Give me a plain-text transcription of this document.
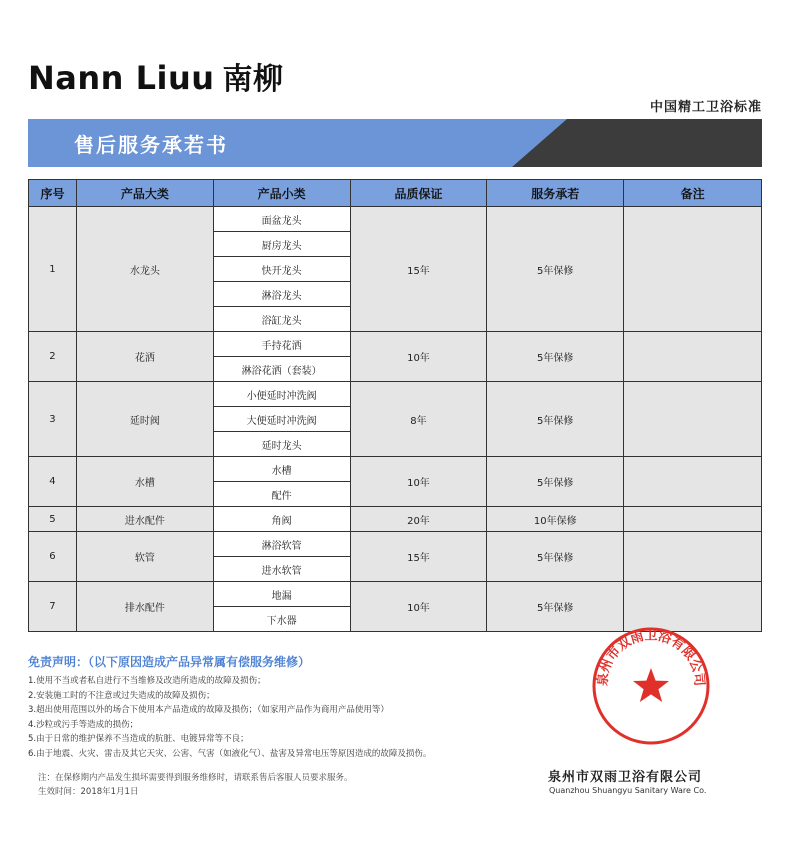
Nann Liuu 南柳
中国精工卫浴标准
售后服务承若书
序号	产品大类	产品小类	品质保证	服务承若	备注
1	水龙头	面盆龙头	15年	5年保修	
		厨房龙头			
		快开龙头			
		淋浴龙头			
		浴缸龙头			
2	花洒	手持花洒	10年	5年保修	
		淋浴花洒（套装）			
3	延时阀	小便延时冲洗阀	8年	5年保修	
		大便延时冲洗阀			
		延时龙头			
4	水槽	水槽	10年	5年保修	
		配件			
5	进水配件	角阀	20年	10年保修	
6	软管	淋浴软管	15年	5年保修	
		进水软管			
7	排水配件	地漏	10年	5年保修	
		下水器			
免责声明：（以下原因造成产品异常属有偿服务维修）
1.使用不当或者私自进行不当维修及改造所造成的故障及损伤；
2.安装施工时的不注意或过失造成的故障及损伤；
3.超出使用范围以外的场合下使用本产品造成的故障及损伤；（如家用产品作为商用产品使用等）
4.沙粒或污手等造成的损伤；
5.由于日常的维护保养不当造成的肮脏、电镀异常等不良；
6.由于地震、火灾、雷击及其它天灾、公害、气害（如液化气）、盐害及异常电压等原因造成的故障及损伤。
注：在保修期内产品发生损坏需要得到服务维修时，请联系售后客服人员要求服务。
生效时间：2018年1月1日
泉州市双雨卫浴有限公司
Quanzhou Shuangyu Sanitary Ware Co.
泉州市双雨卫浴有限公司
